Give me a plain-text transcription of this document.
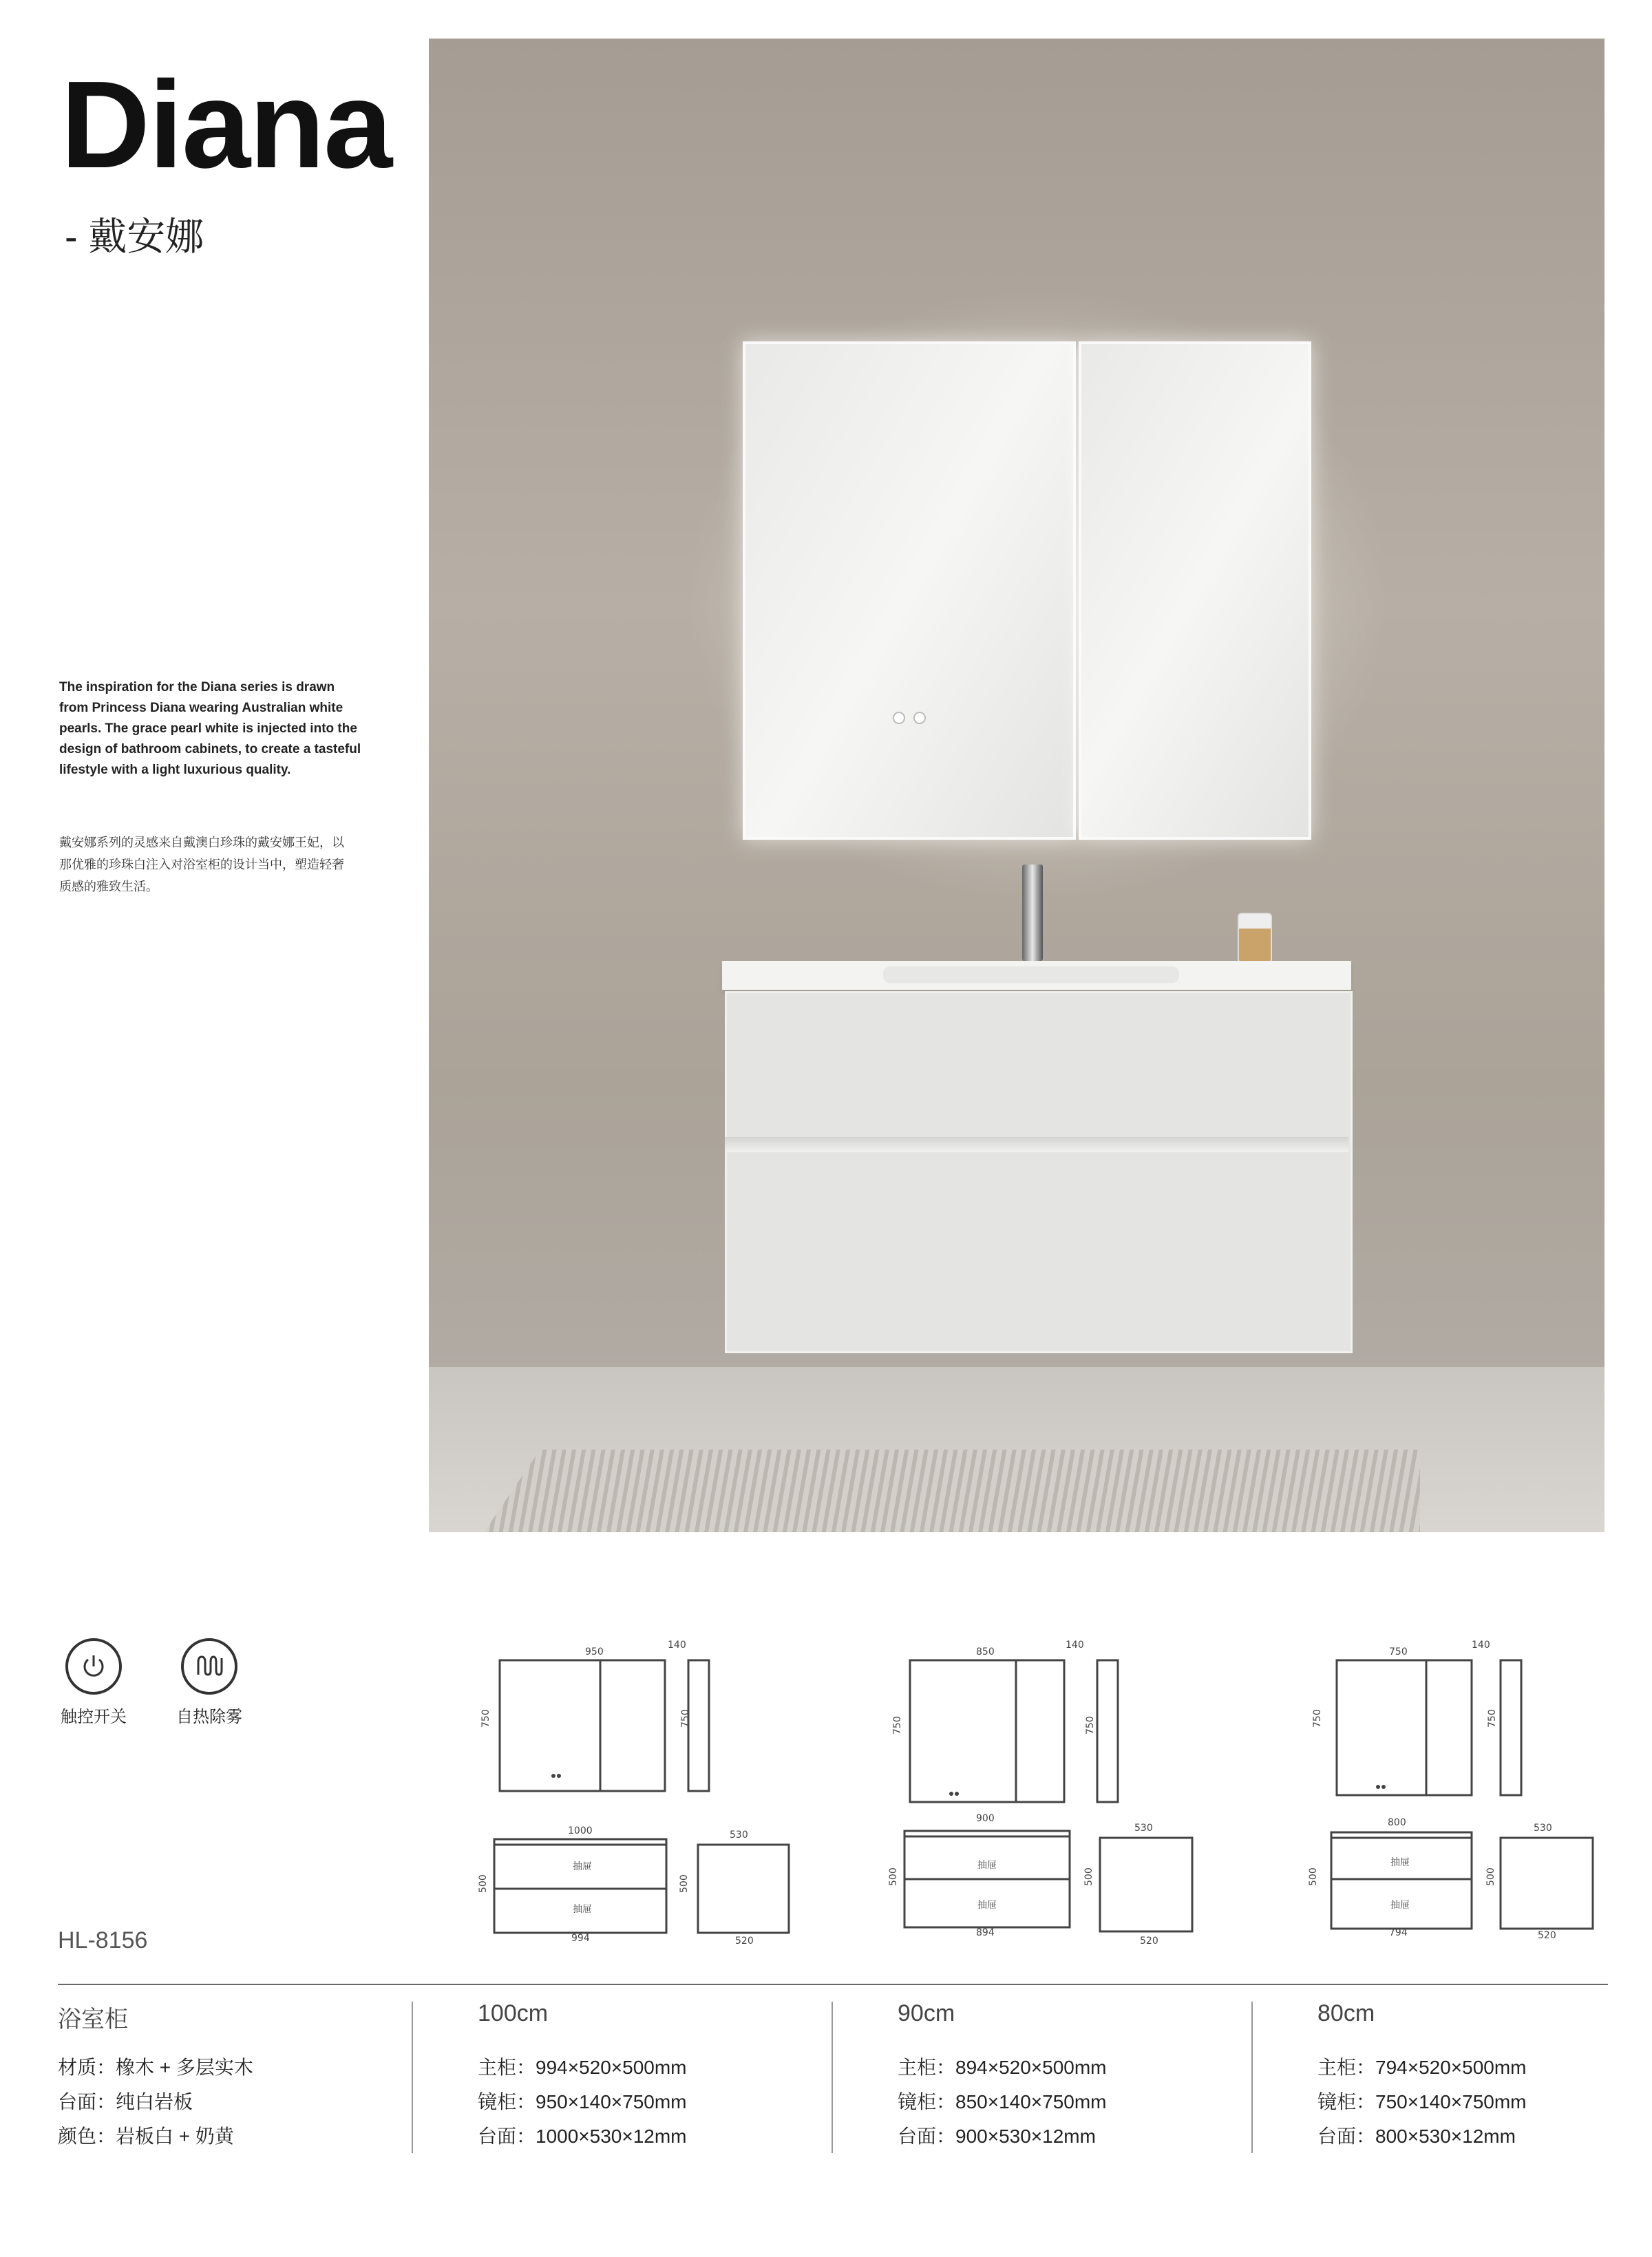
Diana
- 戴安娜
The inspiration for the Diana series is drawn from Princess Diana wearing Australian white pearls. The grace pearl white is injected into the design of bathroom cabinets, to create a tasteful lifestyle with a light luxurious quality.
戴安娜系列的灵感来自戴澳白珍珠的戴安娜王妃，以那优雅的珍珠白注入对浴室柜的设计当中，塑造轻奢质感的雅致生活。
触控开关	自热除雾
950
140
750	750
1000	530
500	500
994	520
抽屉
抽屉
850
140
750	750
900
530
500	500
894
520
抽屉
抽屉
750
140
750	750
800	530
500	500
794	520
抽屉
抽屉
HL-8156
浴室柜
材质：橡木 + 多层实木
台面：纯白岩板
颜色：岩板白 + 奶黄
100cm
主柜：994×520×500mm
镜柜：950×140×750mm
台面：1000×530×12mm
90cm
主柜：894×520×500mm
镜柜：850×140×750mm
台面：900×530×12mm
80cm
主柜：794×520×500mm
镜柜：750×140×750mm
台面：800×530×12mm
